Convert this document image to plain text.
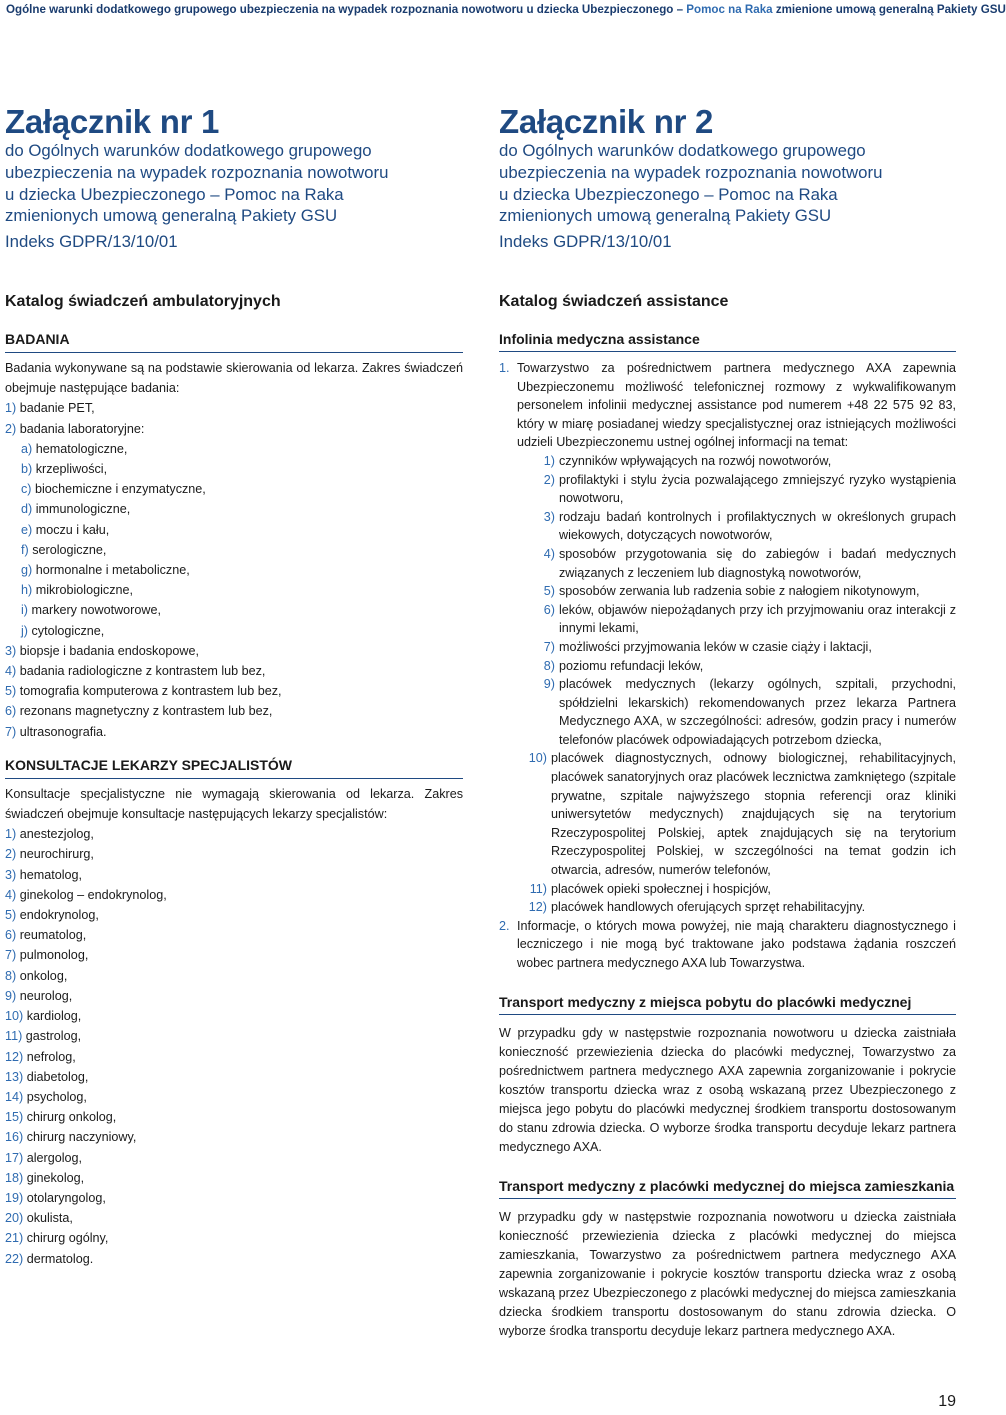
Ogólne warunki dodatkowego grupowego ubezpieczenia na wypadek rozpoznania nowotworu u dziecka Ubezpieczonego – Pomoc na Raka zmienione umową generalną Pakiety GSU
Załącznik nr 1
do Ogólnych warunków dodatkowego grupowego
ubezpieczenia na wypadek rozpoznania nowotworu
u dziecka Ubezpieczonego – Pomoc na Raka
zmienionych umową generalną Pakiety GSU
Indeks GDPR/13/10/01
Katalog świadczeń ambulatoryjnych
BADANIA
Badania wykonywane są na podstawie skierowania od lekarza. Zakres świadczeń obejmuje następujące badania:
1) badanie PET,
2) badania laboratoryjne:
a) hematologiczne,
b) krzepliwości,
c) biochemiczne i enzymatyczne,
d) immunologiczne,
e) moczu i kału,
f) serologiczne,
g) hormonalne i metaboliczne,
h) mikrobiologiczne,
i) markery nowotworowe,
j) cytologiczne,
3) biopsje i badania endoskopowe,
4) badania radiologiczne z kontrastem lub bez,
5) tomografia komputerowa z kontrastem lub bez,
6) rezonans magnetyczny z kontrastem lub bez,
7) ultrasonografia.
KONSULTACJE LEKARZY SPECJALISTÓW
Konsultacje specjalistyczne nie wymagają skierowania od lekarza. Zakres świadczeń obejmuje konsultacje następujących lekarzy specjalistów:
1) anestezjolog,
2) neurochirurg,
3) hematolog,
4) ginekolog – endokrynolog,
5) endokrynolog,
6) reumatolog,
7) pulmonolog,
8) onkolog,
9) neurolog,
10) kardiolog,
11) gastrolog,
12) nefrolog,
13) diabetolog,
14) psycholog,
15) chirurg onkolog,
16) chirurg naczyniowy,
17) alergolog,
18) ginekolog,
19) otolaryngolog,
20) okulista,
21) chirurg ogólny,
22) dermatolog.
Załącznik nr 2
do Ogólnych warunków dodatkowego grupowego
ubezpieczenia na wypadek rozpoznania nowotworu
u dziecka Ubezpieczonego – Pomoc na Raka
zmienionych umową generalną Pakiety GSU
Indeks GDPR/13/10/01
Katalog świadczeń assistance
Infolinia medyczna assistance
1. Towarzystwo za pośrednictwem partnera medycznego AXA zapewnia Ubezpieczonemu możliwość telefonicznej rozmowy z wykwalifikowanym personelem infolinii medycznej assistance pod numerem +48 22 575 92 83, który w miarę posiadanej wiedzy specjalistycznej oraz istniejących możliwości udzieli Ubezpieczonemu ustnej ogólnej informacji na temat:
1) czynników wpływających na rozwój nowotworów,
2) profilaktyki i stylu życia pozwalającego zmniejszyć ryzyko wystąpienia nowotworu,
3) rodzaju badań kontrolnych i profilaktycznych w określonych grupach wiekowych, dotyczących nowotworów,
4) sposobów przygotowania się do zabiegów i badań medycznych związanych z leczeniem lub diagnostyką nowotworów,
5) sposobów zerwania lub radzenia sobie z nałogiem nikotynowym,
6) leków, objawów niepożądanych przy ich przyjmowaniu oraz interakcji z innymi lekami,
7) możliwości przyjmowania leków w czasie ciąży i laktacji,
8) poziomu refundacji leków,
9) placówek medycznych (lekarzy ogólnych, szpitali, przychodni, spółdzielni lekarskich) rekomendowanych przez lekarza Partnera Medycznego AXA, w szczególności: adresów, godzin pracy i numerów telefonów placówek odpowiadających potrzebom dziecka,
10) placówek diagnostycznych, odnowy biologicznej, rehabilitacyjnych, placówek sanatoryjnych oraz placówek lecznictwa zamkniętego (szpitale prywatne, szpitale najwyższego stopnia referencji oraz kliniki uniwersytetów medycznych) znajdujących się na terytorium Rzeczypospolitej Polskiej, aptek znajdujących się na terytorium Rzeczypospolitej Polskiej, w szczególności na temat godzin ich otwarcia, adresów, numerów telefonów,
11) placówek opieki społecznej i hospicjów,
12) placówek handlowych oferujących sprzęt rehabilitacyjny.
2. Informacje, o których mowa powyżej, nie mają charakteru diagnostycznego i leczniczego i nie mogą być traktowane jako podstawa żądania roszczeń wobec partnera medycznego AXA lub Towarzystwa.
Transport medyczny z miejsca pobytu do placówki medycznej
W przypadku gdy w następstwie rozpoznania nowotworu u dziecka zaistniała konieczność przewiezienia dziecka do placówki medycznej, Towarzystwo za pośrednictwem partnera medycznego AXA zapewnia zorganizowanie i pokrycie kosztów transportu dziecka wraz z osobą wskazaną przez Ubezpieczonego z miejsca jego pobytu do placówki medycznej środkiem transportu dostosowanym do stanu zdrowia dziecka. O wyborze środka transportu decyduje lekarz partnera medycznego AXA.
Transport medyczny z placówki medycznej do miejsca zamieszkania
W przypadku gdy w następstwie rozpoznania nowotworu u dziecka zaistniała konieczność przewiezienia dziecka z placówki medycznej do miejsca zamieszkania, Towarzystwo za pośrednictwem partnera medycznego AXA zapewnia zorganizowanie i pokrycie kosztów transportu dziecka wraz z osobą wskazaną przez Ubezpieczonego z placówki medycznej do miejsca zamieszkania dziecka środkiem transportu dostosowanym do stanu zdrowia dziecka. O wyborze środka transportu decyduje lekarz partnera medycznego AXA.
19
